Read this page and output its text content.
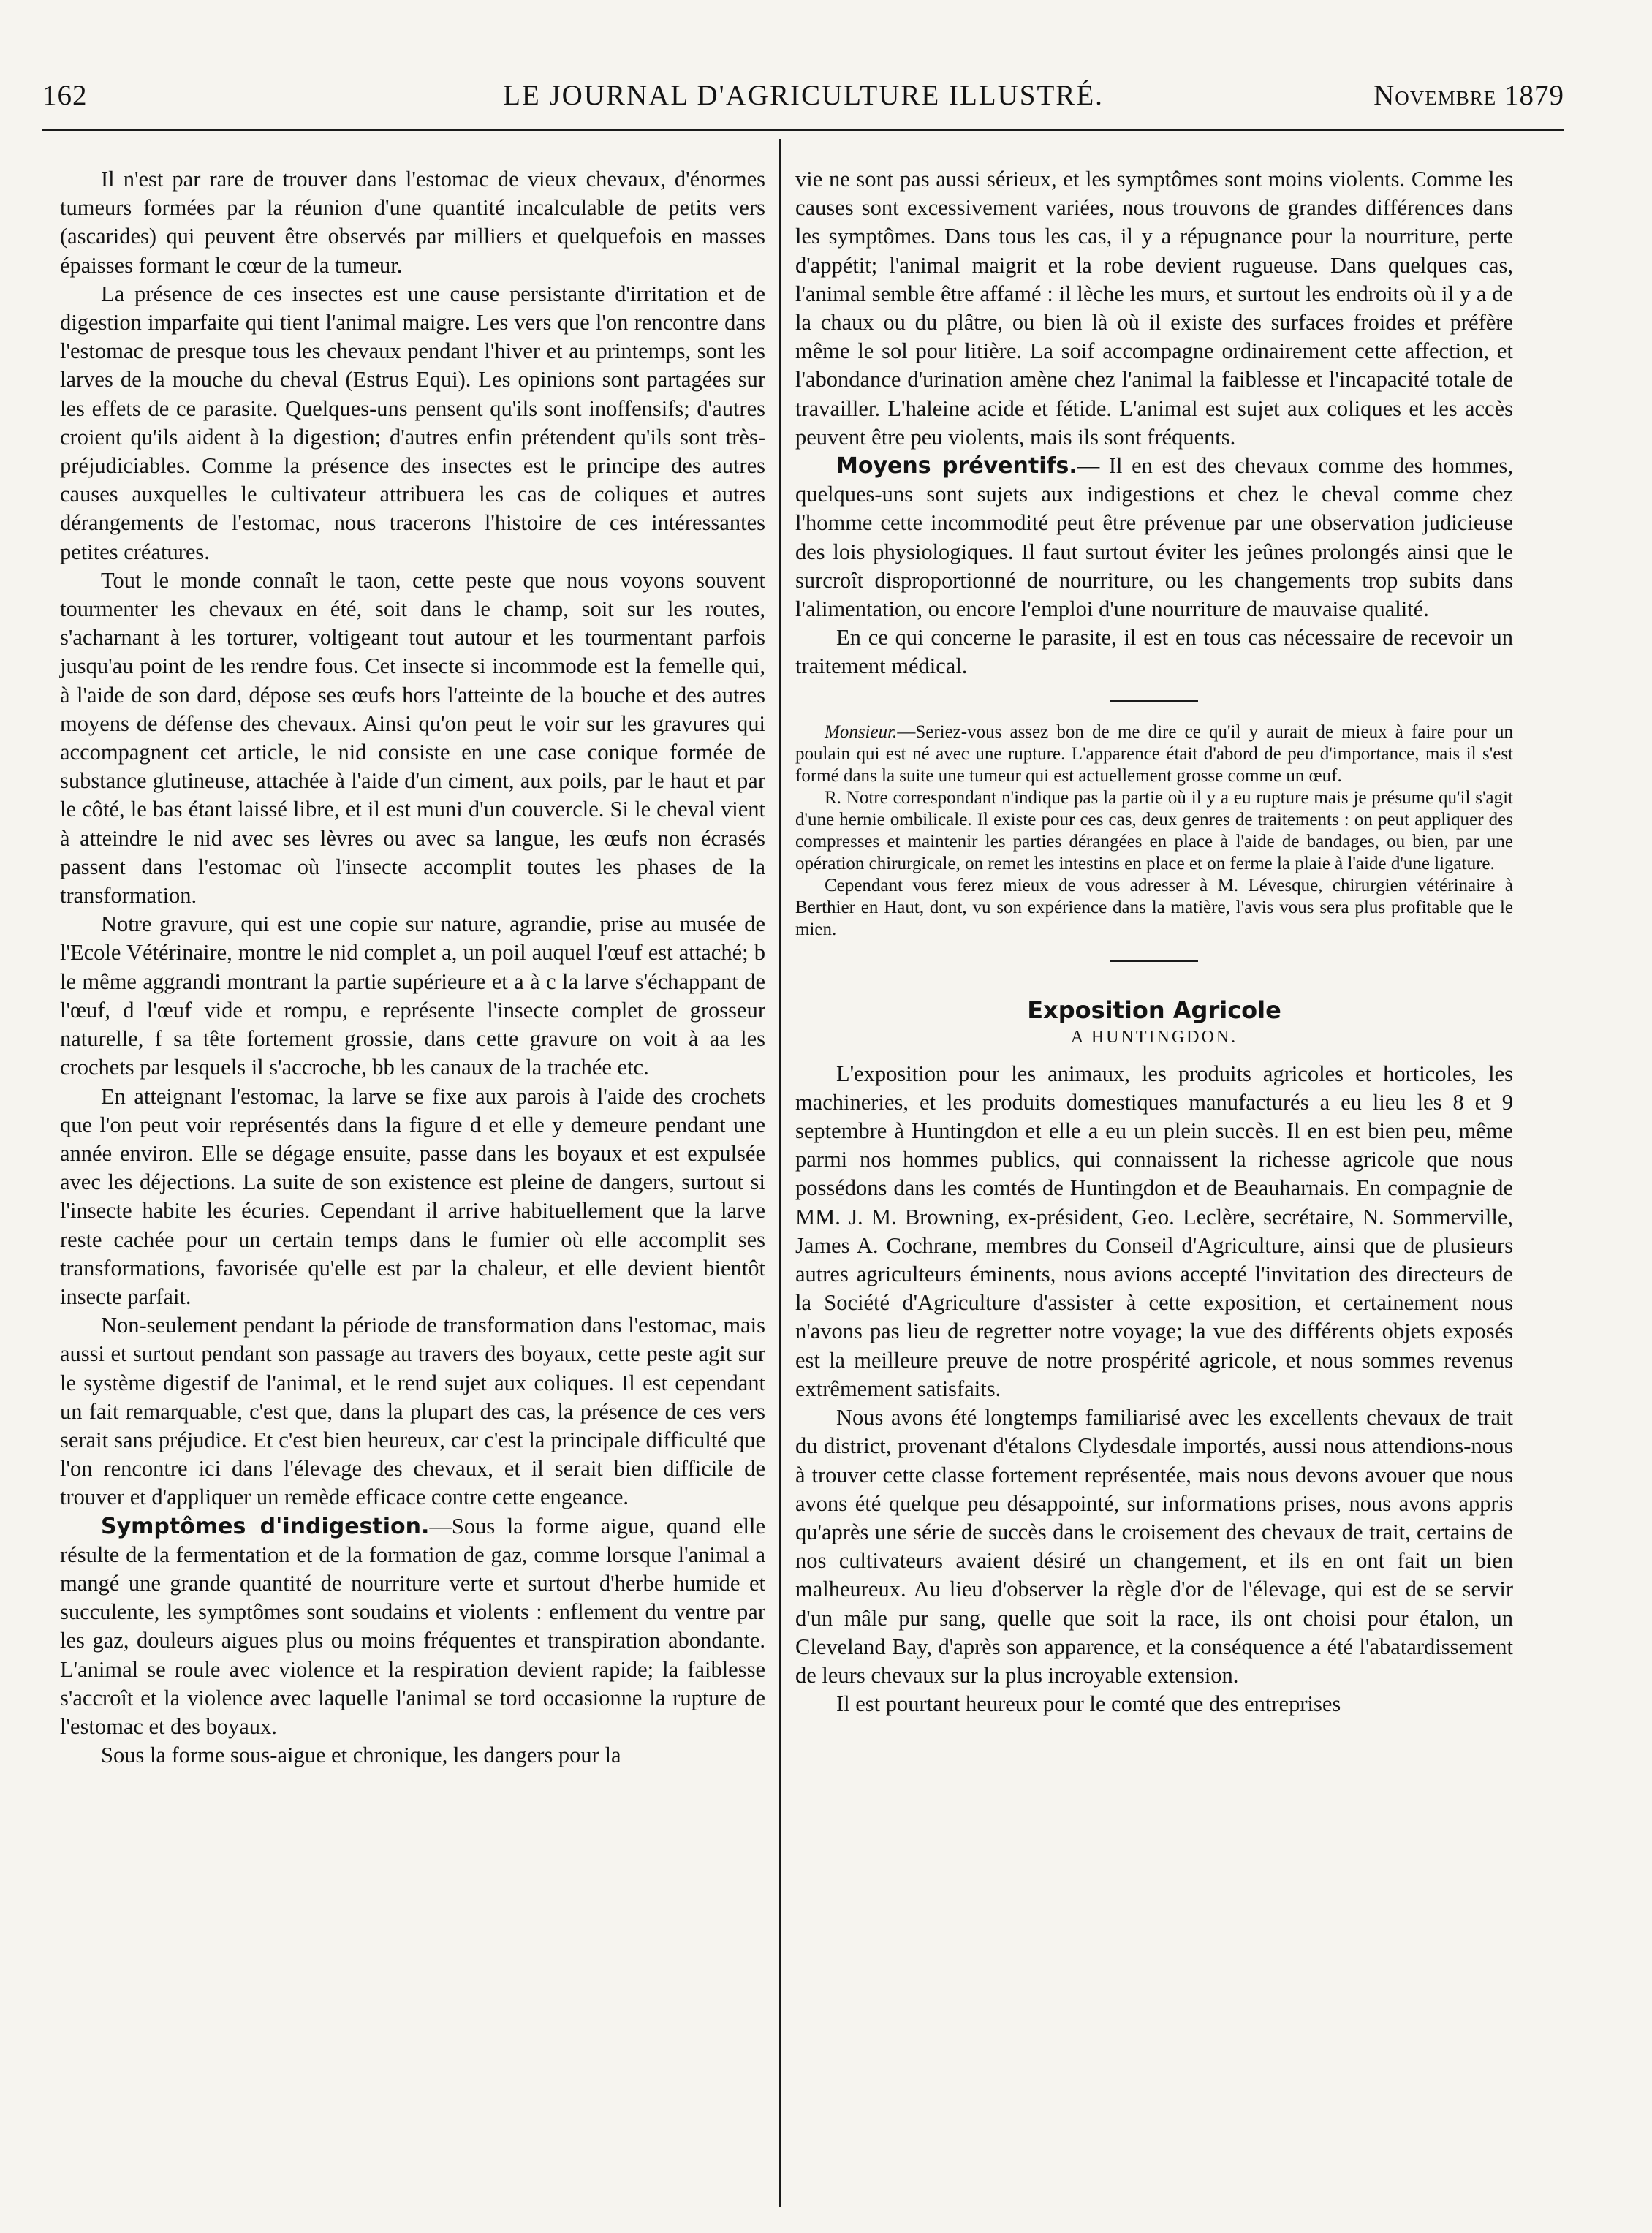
162	LE JOURNAL D'AGRICULTURE ILLUSTRÉ.	Novembre 1879

Il n'est par rare de trouver dans l'estomac de vieux chevaux, d'énormes tumeurs formées par la réunion d'une quantité incalculable de petits vers (ascarides) qui peuvent être observés par milliers et quelquefois en masses épaisses formant le cœur de la tumeur.

La présence de ces insectes est une cause persistante d'irritation et de digestion imparfaite qui tient l'animal maigre. Les vers que l'on rencontre dans l'estomac de presque tous les chevaux pendant l'hiver et au printemps, sont les larves de la mouche du cheval (Estrus Equi). Les opinions sont partagées sur les effets de ce parasite. Quelques-uns pensent qu'ils sont inoffensifs; d'autres croient qu'ils aident à la digestion; d'autres enfin prétendent qu'ils sont très-préjudiciables. Comme la présence des insectes est le principe des autres causes auxquelles le cultivateur attribuera les cas de coliques et autres dérangements de l'estomac, nous tracerons l'histoire de ces intéressantes petites créatures.

Tout le monde connaît le taon, cette peste que nous voyons souvent tourmenter les chevaux en été, soit dans le champ, soit sur les routes, s'acharnant à les torturer, voltigeant tout autour et les tourmentant parfois jusqu'au point de les rendre fous. Cet insecte si incommode est la femelle qui, à l'aide de son dard, dépose ses œufs hors l'atteinte de la bouche et des autres moyens de défense des chevaux. Ainsi qu'on peut le voir sur les gravures qui accompagnent cet article, le nid consiste en une case conique formée de substance glutineuse, attachée à l'aide d'un ciment, aux poils, par le haut et par le côté, le bas étant laissé libre, et il est muni d'un couvercle. Si le cheval vient à atteindre le nid avec ses lèvres ou avec sa langue, les œufs non écrasés passent dans l'estomac où l'insecte accomplit toutes les phases de la transformation.

Notre gravure, qui est une copie sur nature, agrandie, prise au musée de l'Ecole Vétérinaire, montre le nid complet a, un poil auquel l'œuf est attaché; b le même aggrandi montrant la partie supérieure et a à c la larve s'échappant de l'œuf, d l'œuf vide et rompu, e représente l'insecte complet de grosseur naturelle, f sa tête fortement grossie, dans cette gravure on voit à aa les crochets par lesquels il s'accroche, bb les canaux de la trachée etc.

En atteignant l'estomac, la larve se fixe aux parois à l'aide des crochets que l'on peut voir représentés dans la figure d et elle y demeure pendant une année environ. Elle se dégage ensuite, passe dans les boyaux et est expulsée avec les déjections. La suite de son existence est pleine de dangers, surtout si l'insecte habite les écuries. Cependant il arrive habituellement que la larve reste cachée pour un certain temps dans le fumier où elle accomplit ses transformations, favorisée qu'elle est par la chaleur, et elle devient bientôt insecte parfait.

Non-seulement pendant la période de transformation dans l'estomac, mais aussi et surtout pendant son passage au travers des boyaux, cette peste agit sur le système digestif de l'animal, et le rend sujet aux coliques. Il est cependant un fait remarquable, c'est que, dans la plupart des cas, la présence de ces vers serait sans préjudice. Et c'est bien heureux, car c'est la principale difficulté que l'on rencontre ici dans l'élevage des chevaux, et il serait bien difficile de trouver et d'appliquer un remède efficace contre cette engeance.

Symptômes d'indigestion.—Sous la forme aigue, quand elle résulte de la fermentation et de la formation de gaz, comme lorsque l'animal a mangé une grande quantité de nourriture verte et surtout d'herbe humide et succulente, les symptômes sont soudains et violents : enflement du ventre par les gaz, douleurs aigues plus ou moins fréquentes et transpiration abondante. L'animal se roule avec violence et la respiration devient rapide; la faiblesse s'accroît et la violence avec laquelle l'animal se tord occasionne la rupture de l'estomac et des boyaux.

Sous la forme sous-aigue et chronique, les dangers pour la

vie ne sont pas aussi sérieux, et les symptômes sont moins violents. Comme les causes sont excessivement variées, nous trouvons de grandes différences dans les symptômes. Dans tous les cas, il y a répugnance pour la nourriture, perte d'appétit; l'animal maigrit et la robe devient rugueuse. Dans quelques cas, l'animal semble être affamé : il lèche les murs, et surtout les endroits où il y a de la chaux ou du plâtre, ou bien là où il existe des surfaces froides et préfère même le sol pour litière. La soif accompagne ordinairement cette affection, et l'abondance d'urination amène chez l'animal la faiblesse et l'incapacité totale de travailler. L'haleine acide et fétide. L'animal est sujet aux coliques et les accès peuvent être peu violents, mais ils sont fréquents.

Moyens préventifs.— Il en est des chevaux comme des hommes, quelques-uns sont sujets aux indigestions et chez le cheval comme chez l'homme cette incommodité peut être prévenue par une observation judicieuse des lois physiologiques. Il faut surtout éviter les jeûnes prolongés ainsi que le surcroît disproportionné de nourriture, ou les changements trop subits dans l'alimentation, ou encore l'emploi d'une nourriture de mauvaise qualité.

En ce qui concerne le parasite, il est en tous cas nécessaire de recevoir un traitement médical.

Monsieur.—Seriez-vous assez bon de me dire ce qu'il y aurait de mieux à faire pour un poulain qui est né avec une rupture. L'apparence était d'abord de peu d'importance, mais il s'est formé dans la suite une tumeur qui est actuellement grosse comme un œuf.

R. Notre correspondant n'indique pas la partie où il y a eu rupture mais je présume qu'il s'agit d'une hernie ombilicale. Il existe pour ces cas, deux genres de traitements : on peut appliquer des compresses et maintenir les parties dérangées en place à l'aide de bandages, ou bien, par une opération chirurgicale, on remet les intestins en place et on ferme la plaie à l'aide d'une ligature.

Cependant vous ferez mieux de vous adresser à M. Lévesque, chirurgien vétérinaire à Berthier en Haut, dont, vu son expérience dans la matière, l'avis vous sera plus profitable que le mien.

Exposition Agricole
A HUNTINGDON.

L'exposition pour les animaux, les produits agricoles et horticoles, les machineries, et les produits domestiques manufacturés a eu lieu les 8 et 9 septembre à Huntingdon et elle a eu un plein succès. Il en est bien peu, même parmi nos hommes publics, qui connaissent la richesse agricole que nous possédons dans les comtés de Huntingdon et de Beauharnais. En compagnie de MM. J. M. Browning, ex-président, Geo. Leclère, secrétaire, N. Sommerville, James A. Cochrane, membres du Conseil d'Agriculture, ainsi que de plusieurs autres agriculteurs éminents, nous avions accepté l'invitation des directeurs de la Société d'Agriculture d'assister à cette exposition, et certainement nous n'avons pas lieu de regretter notre voyage; la vue des différents objets exposés est la meilleure preuve de notre prospérité agricole, et nous sommes revenus extrêmement satisfaits.

Nous avons été longtemps familiarisé avec les excellents chevaux de trait du district, provenant d'étalons Clydesdale importés, aussi nous attendions-nous à trouver cette classe fortement représentée, mais nous devons avouer que nous avons été quelque peu désappointé, sur informations prises, nous avons appris qu'après une série de succès dans le croisement des chevaux de trait, certains de nos cultivateurs avaient désiré un changement, et ils en ont fait un bien malheureux. Au lieu d'observer la règle d'or de l'élevage, qui est de se servir d'un mâle pur sang, quelle que soit la race, ils ont choisi pour étalon, un Cleveland Bay, d'après son apparence, et la conséquence a été l'abatardissement de leurs chevaux sur la plus incroyable extension.

Il est pourtant heureux pour le comté que des entreprises
